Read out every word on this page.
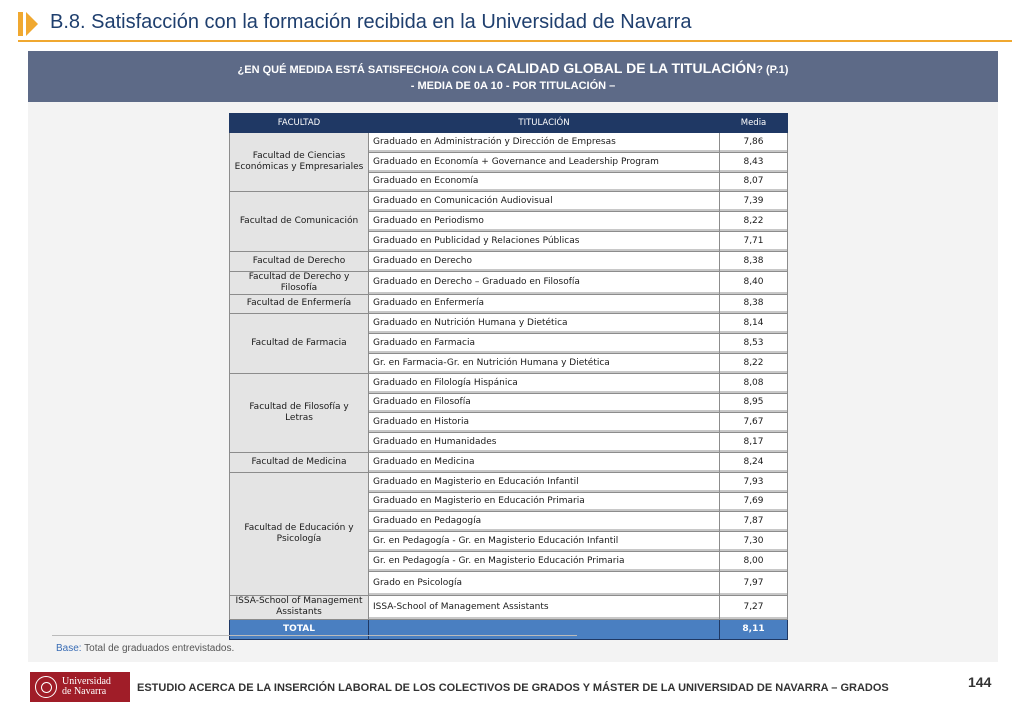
B.8. Satisfacción con la formación recibida en la Universidad de Navarra
¿EN QUÉ MEDIDA ESTÁ SATISFECHO/A CON LA CALIDAD GLOBAL DE LA TITULACIÓN? (P.1)
- MEDIA DE 0A 10 - POR TITULACIÓN –
FACULTAD	TITULACIÓN	Media
Facultad de Ciencias Económicas y Empresariales	Graduado en Administración y Dirección de Empresas	7,86
	Graduado en Economía + Governance and Leadership Program	8,43
	Graduado en Economía	8,07
Facultad de Comunicación	Graduado en Comunicación Audiovisual	7,39
	Graduado en Periodismo	8,22
	Graduado en Publicidad y Relaciones Públicas	7,71
Facultad de Derecho	Graduado en Derecho	8,38
Facultad de Derecho y Filosofía	Graduado en Derecho – Graduado en Filosofía	8,40
Facultad de Enfermería	Graduado en Enfermería	8,38
Facultad de Farmacia	Graduado en Nutrición Humana y Dietética	8,14
	Graduado en Farmacia	8,53
	Gr. en Farmacia-Gr. en Nutrición Humana y Dietética	8,22
Facultad de Filosofía y Letras	Graduado en Filología Hispánica	8,08
	Graduado en Filosofía	8,95
	Graduado en Historia	7,67
	Graduado en Humanidades	8,17
Facultad de Medicina	Graduado en Medicina	8,24
Facultad de Educación y Psicología	Graduado en Magisterio en Educación Infantil	7,93
	Graduado en Magisterio en Educación Primaria	7,69
	Graduado en Pedagogía	7,87
	Gr. en Pedagogía - Gr. en Magisterio Educación Infantil	7,30
	Gr. en Pedagogía - Gr. en Magisterio Educación Primaria	8,00
	Grado en Psicología	7,97
ISSA-School of Management Assistants	ISSA-School of Management Assistants	7,27
TOTAL		8,11
Base: Total de graduados entrevistados.
Universidad
de Navarra	ESTUDIO ACERCA DE LA INSERCIÓN LABORAL DE LOS COLECTIVOS DE GRADOS Y MÁSTER DE LA UNIVERSIDAD DE NAVARRA – GRADOS	144
